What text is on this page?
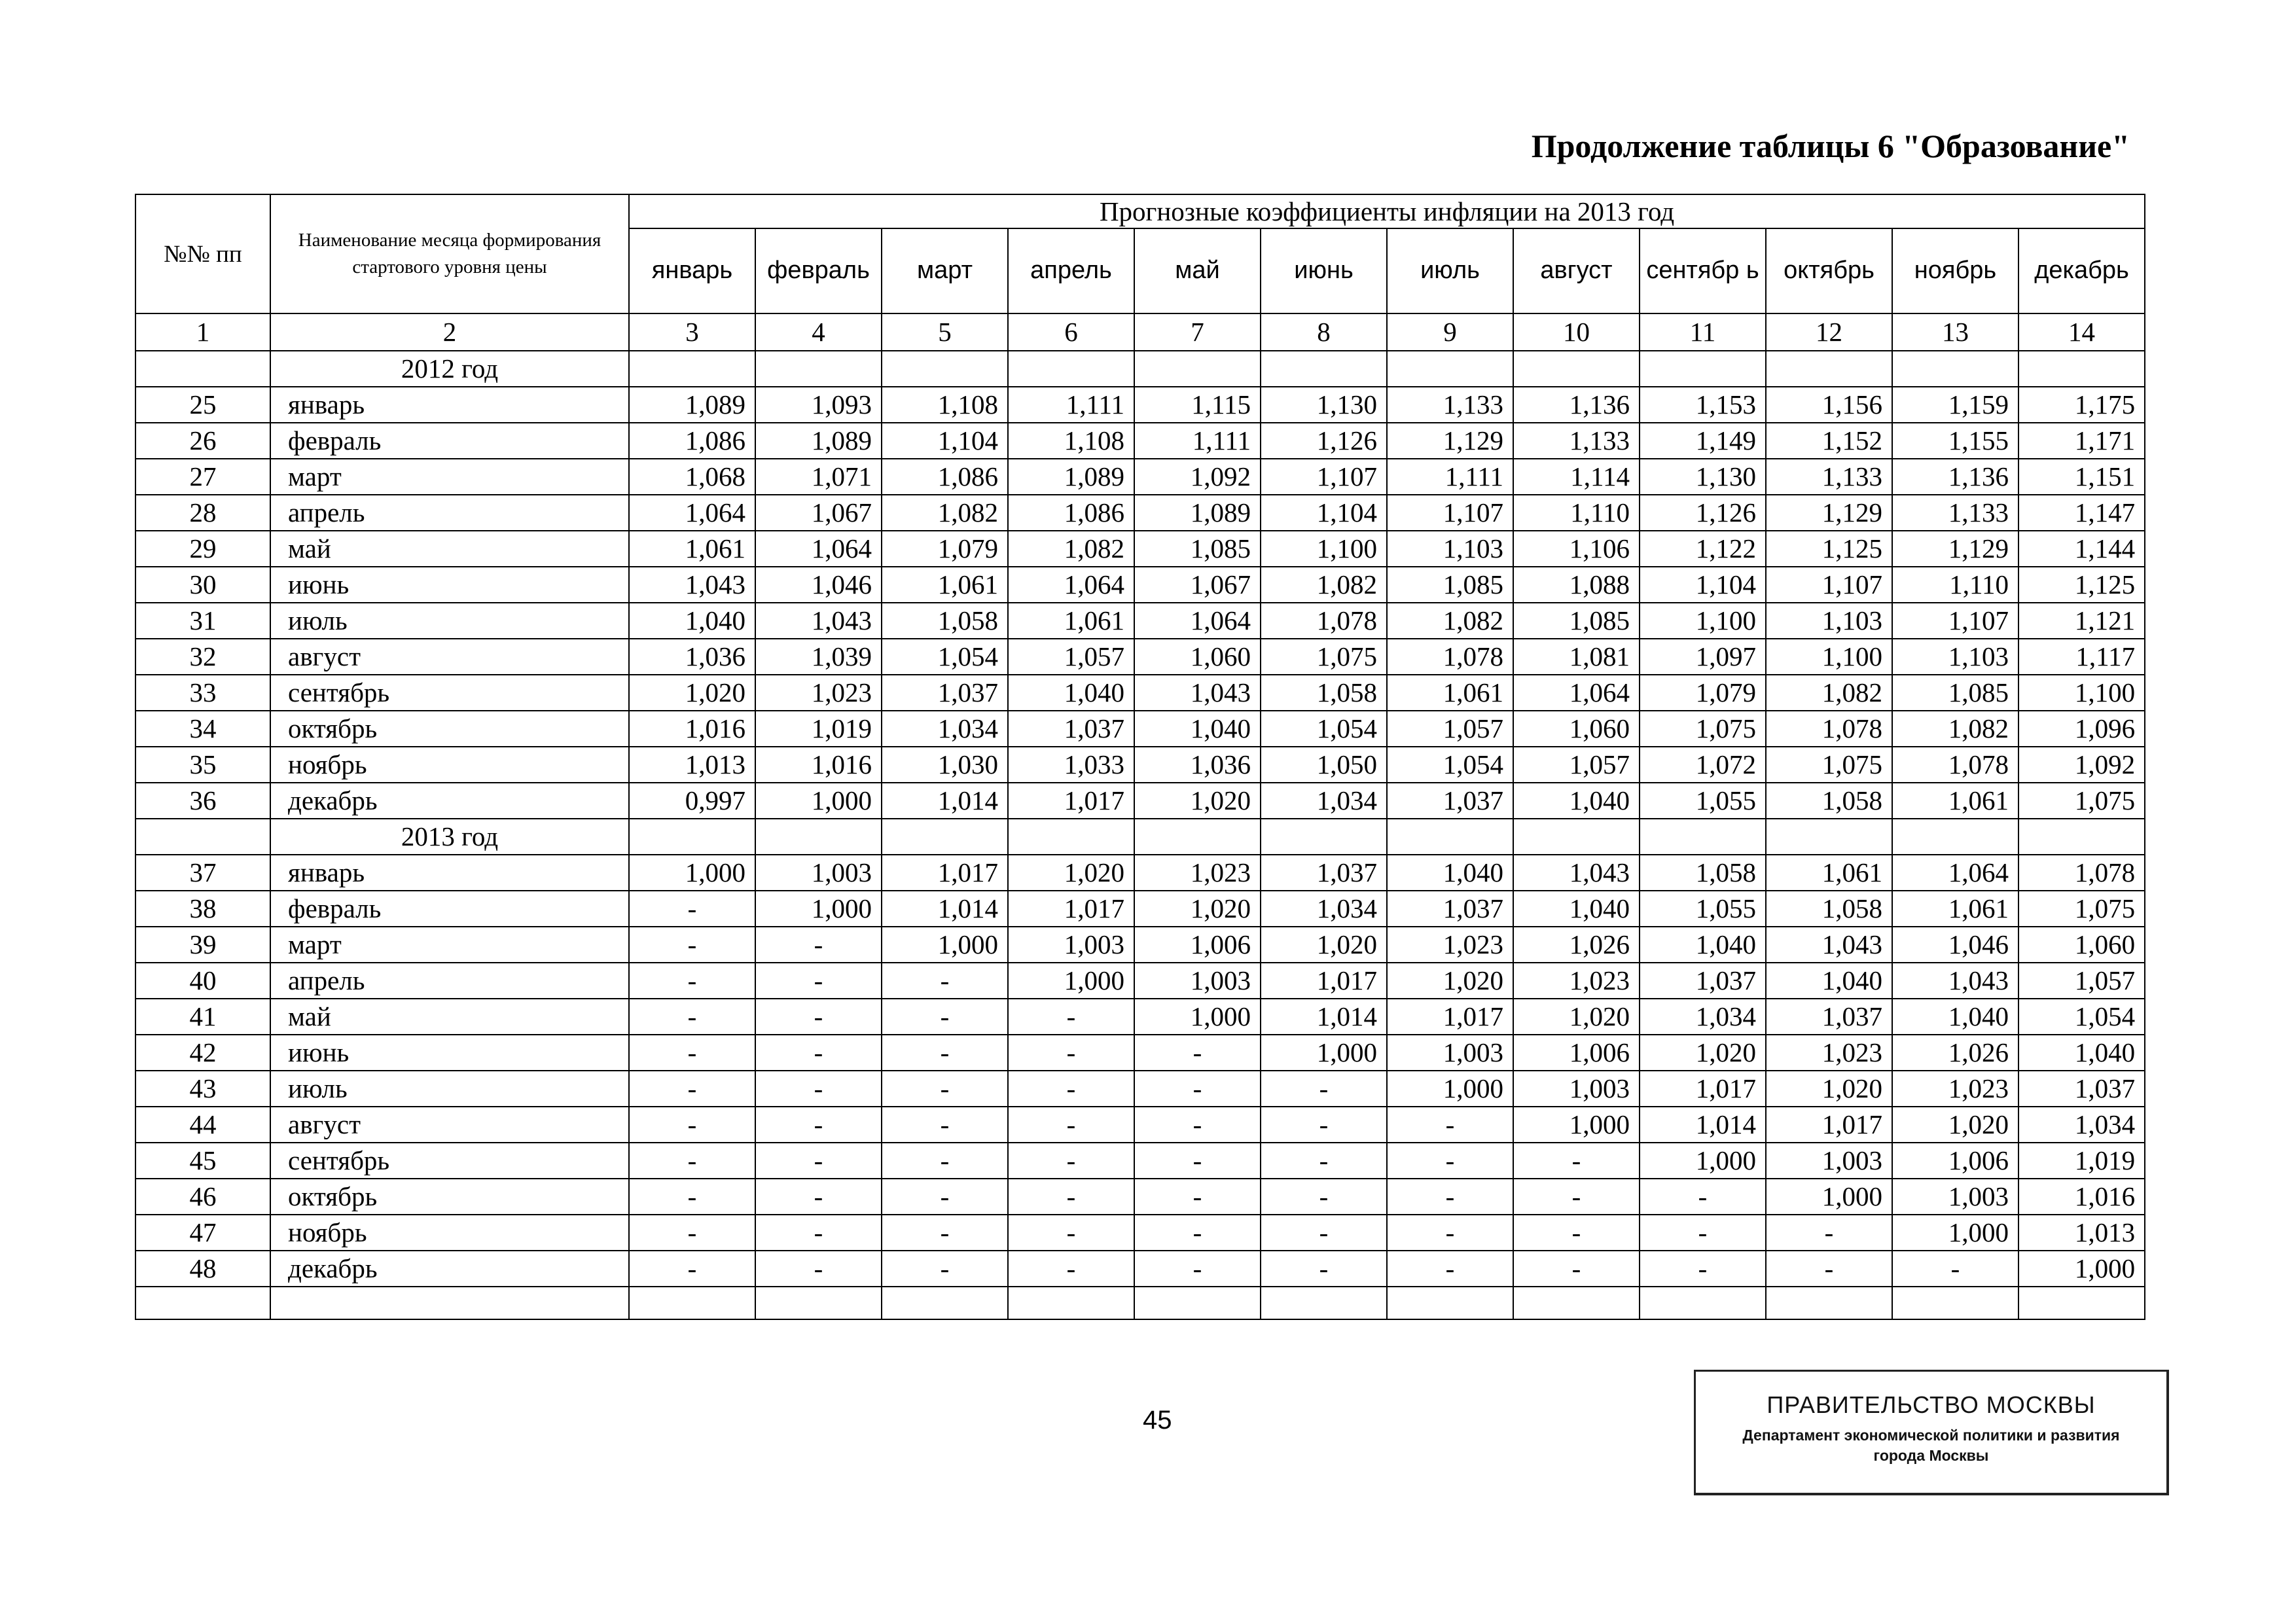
Продолжение таблицы 6 "Образование"
№№ пп	Наименование месяца формирования стартового уровня цены	Прогнозные коэффициенты инфляции на 2013 год											
		январь	февраль	март	апрель	май	июнь	июль	август	сентябр ь	октябрь	ноябрь	декабрь
1	2	3	4	5	6	7	8	9	10	11	12	13	14
	2012 год												
25	январь	1,089	1,093	1,108	1,111	1,115	1,130	1,133	1,136	1,153	1,156	1,159	1,175
26	февраль	1,086	1,089	1,104	1,108	1,111	1,126	1,129	1,133	1,149	1,152	1,155	1,171
27	март	1,068	1,071	1,086	1,089	1,092	1,107	1,111	1,114	1,130	1,133	1,136	1,151
28	апрель	1,064	1,067	1,082	1,086	1,089	1,104	1,107	1,110	1,126	1,129	1,133	1,147
29	май	1,061	1,064	1,079	1,082	1,085	1,100	1,103	1,106	1,122	1,125	1,129	1,144
30	июнь	1,043	1,046	1,061	1,064	1,067	1,082	1,085	1,088	1,104	1,107	1,110	1,125
31	июль	1,040	1,043	1,058	1,061	1,064	1,078	1,082	1,085	1,100	1,103	1,107	1,121
32	август	1,036	1,039	1,054	1,057	1,060	1,075	1,078	1,081	1,097	1,100	1,103	1,117
33	сентябрь	1,020	1,023	1,037	1,040	1,043	1,058	1,061	1,064	1,079	1,082	1,085	1,100
34	октябрь	1,016	1,019	1,034	1,037	1,040	1,054	1,057	1,060	1,075	1,078	1,082	1,096
35	ноябрь	1,013	1,016	1,030	1,033	1,036	1,050	1,054	1,057	1,072	1,075	1,078	1,092
36	декабрь	0,997	1,000	1,014	1,017	1,020	1,034	1,037	1,040	1,055	1,058	1,061	1,075
	2013 год												
37	январь	1,000	1,003	1,017	1,020	1,023	1,037	1,040	1,043	1,058	1,061	1,064	1,078
38	февраль	-	1,000	1,014	1,017	1,020	1,034	1,037	1,040	1,055	1,058	1,061	1,075
39	март	-	-	1,000	1,003	1,006	1,020	1,023	1,026	1,040	1,043	1,046	1,060
40	апрель	-	-	-	1,000	1,003	1,017	1,020	1,023	1,037	1,040	1,043	1,057
41	май	-	-	-	-	1,000	1,014	1,017	1,020	1,034	1,037	1,040	1,054
42	июнь	-	-	-	-	-	1,000	1,003	1,006	1,020	1,023	1,026	1,040
43	июль	-	-	-	-	-	-	1,000	1,003	1,017	1,020	1,023	1,037
44	август	-	-	-	-	-	-	-	1,000	1,014	1,017	1,020	1,034
45	сентябрь	-	-	-	-	-	-	-	-	1,000	1,003	1,006	1,019
46	октябрь	-	-	-	-	-	-	-	-	-	1,000	1,003	1,016
47	ноябрь	-	-	-	-	-	-	-	-	-	-	1,000	1,013
48	декабрь	-	-	-	-	-	-	-	-	-	-	-	1,000

45
ПРАВИТЕЛЬСТВО МОСКВЫ
Департамент экономической политики и развития
города Москвы
